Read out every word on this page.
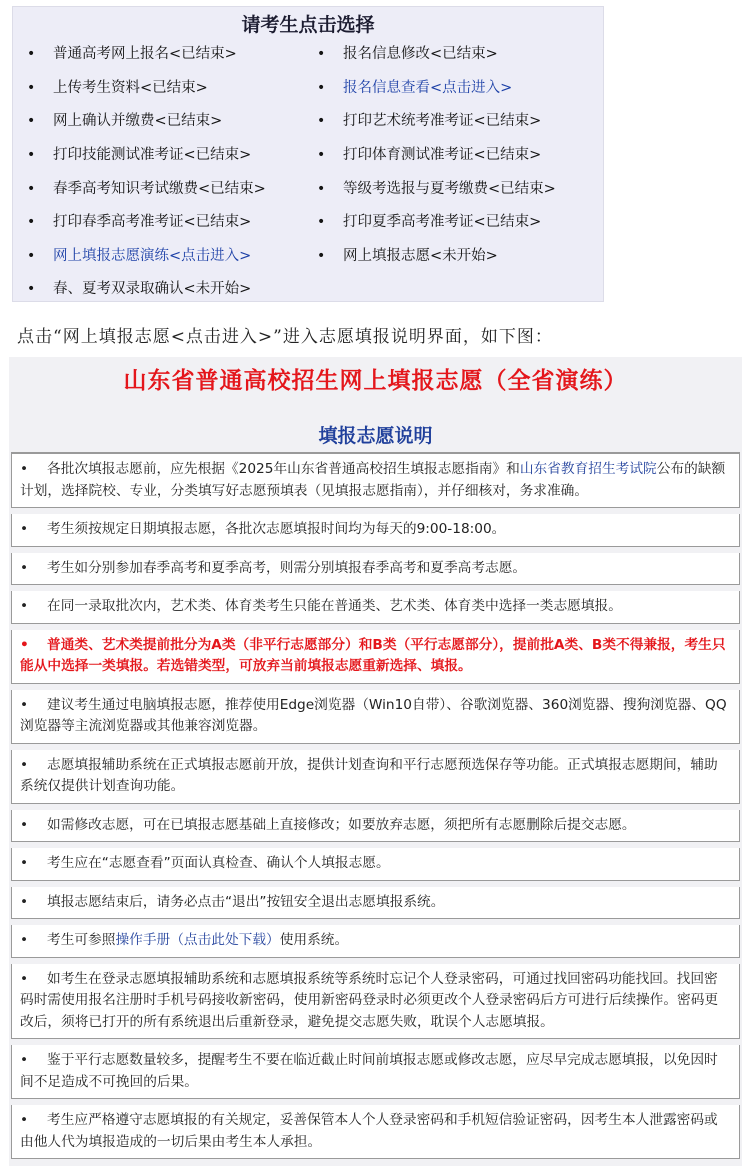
请考生点击选择
• 普通高考网上报名<已结束>	• 报名信息修改<已结束>
• 上传考生资料<已结束>	• 报名信息查看<点击进入>
• 网上确认并缴费<已结束>	• 打印艺术统考准考证<已结束>
• 打印技能测试准考证<已结束>	• 打印体育测试准考证<已结束>
• 春季高考知识考试缴费<已结束>	• 等级考选报与夏考缴费<已结束>
• 打印春季高考准考证<已结束>	• 打印夏季高考准考证<已结束>
• 网上填报志愿演练<点击进入>	• 网上填报志愿<未开始>
• 春、夏考双录取确认<未开始>
点击“网上填报志愿<点击进入>”进入志愿填报说明界面，如下图：
山东省普通高校招生网上填报志愿（全省演练）
填报志愿说明
• 各批次填报志愿前，应先根据《2025年山东省普通高校招生填报志愿指南》和山东省教育招生考试院公布的缺额计划，选择院校、专业，分类填写好志愿预填表（见填报志愿指南），并仔细核对，务求准确。
• 考生须按规定日期填报志愿，各批次志愿填报时间均为每天的9:00-18:00。
• 考生如分别参加春季高考和夏季高考，则需分别填报春季高考和夏季高考志愿。
• 在同一录取批次内，艺术类、体育类考生只能在普通类、艺术类、体育类中选择一类志愿填报。
• 普通类、艺术类提前批分为A类（非平行志愿部分）和B类（平行志愿部分），提前批A类、B类不得兼报，考生只能从中选择一类填报。若选错类型，可放弃当前填报志愿重新选择、填报。
• 建议考生通过电脑填报志愿，推荐使用Edge浏览器（Win10自带）、谷歌浏览器、360浏览器、搜狗浏览器、QQ浏览器等主流浏览器或其他兼容浏览器。
• 志愿填报辅助系统在正式填报志愿前开放，提供计划查询和平行志愿预选保存等功能。正式填报志愿期间，辅助系统仅提供计划查询功能。
• 如需修改志愿，可在已填报志愿基础上直接修改；如要放弃志愿，须把所有志愿删除后提交志愿。
• 考生应在“志愿查看”页面认真检查、确认个人填报志愿。
• 填报志愿结束后，请务必点击“退出”按钮安全退出志愿填报系统。
• 考生可参照操作手册（点击此处下载）使用系统。
• 如考生在登录志愿填报辅助系统和志愿填报系统等系统时忘记个人登录密码，可通过找回密码功能找回。找回密码时需使用报名注册时手机号码接收新密码，使用新密码登录时必须更改个人登录密码后方可进行后续操作。密码更改后，须将已打开的所有系统退出后重新登录，避免提交志愿失败，耽误个人志愿填报。
• 鉴于平行志愿数量较多，提醒考生不要在临近截止时间前填报志愿或修改志愿，应尽早完成志愿填报，以免因时间不足造成不可挽回的后果。
• 考生应严格遵守志愿填报的有关规定，妥善保管本人个人登录密码和手机短信验证密码，因考生本人泄露密码或由他人代为填报造成的一切后果由考生本人承担。
